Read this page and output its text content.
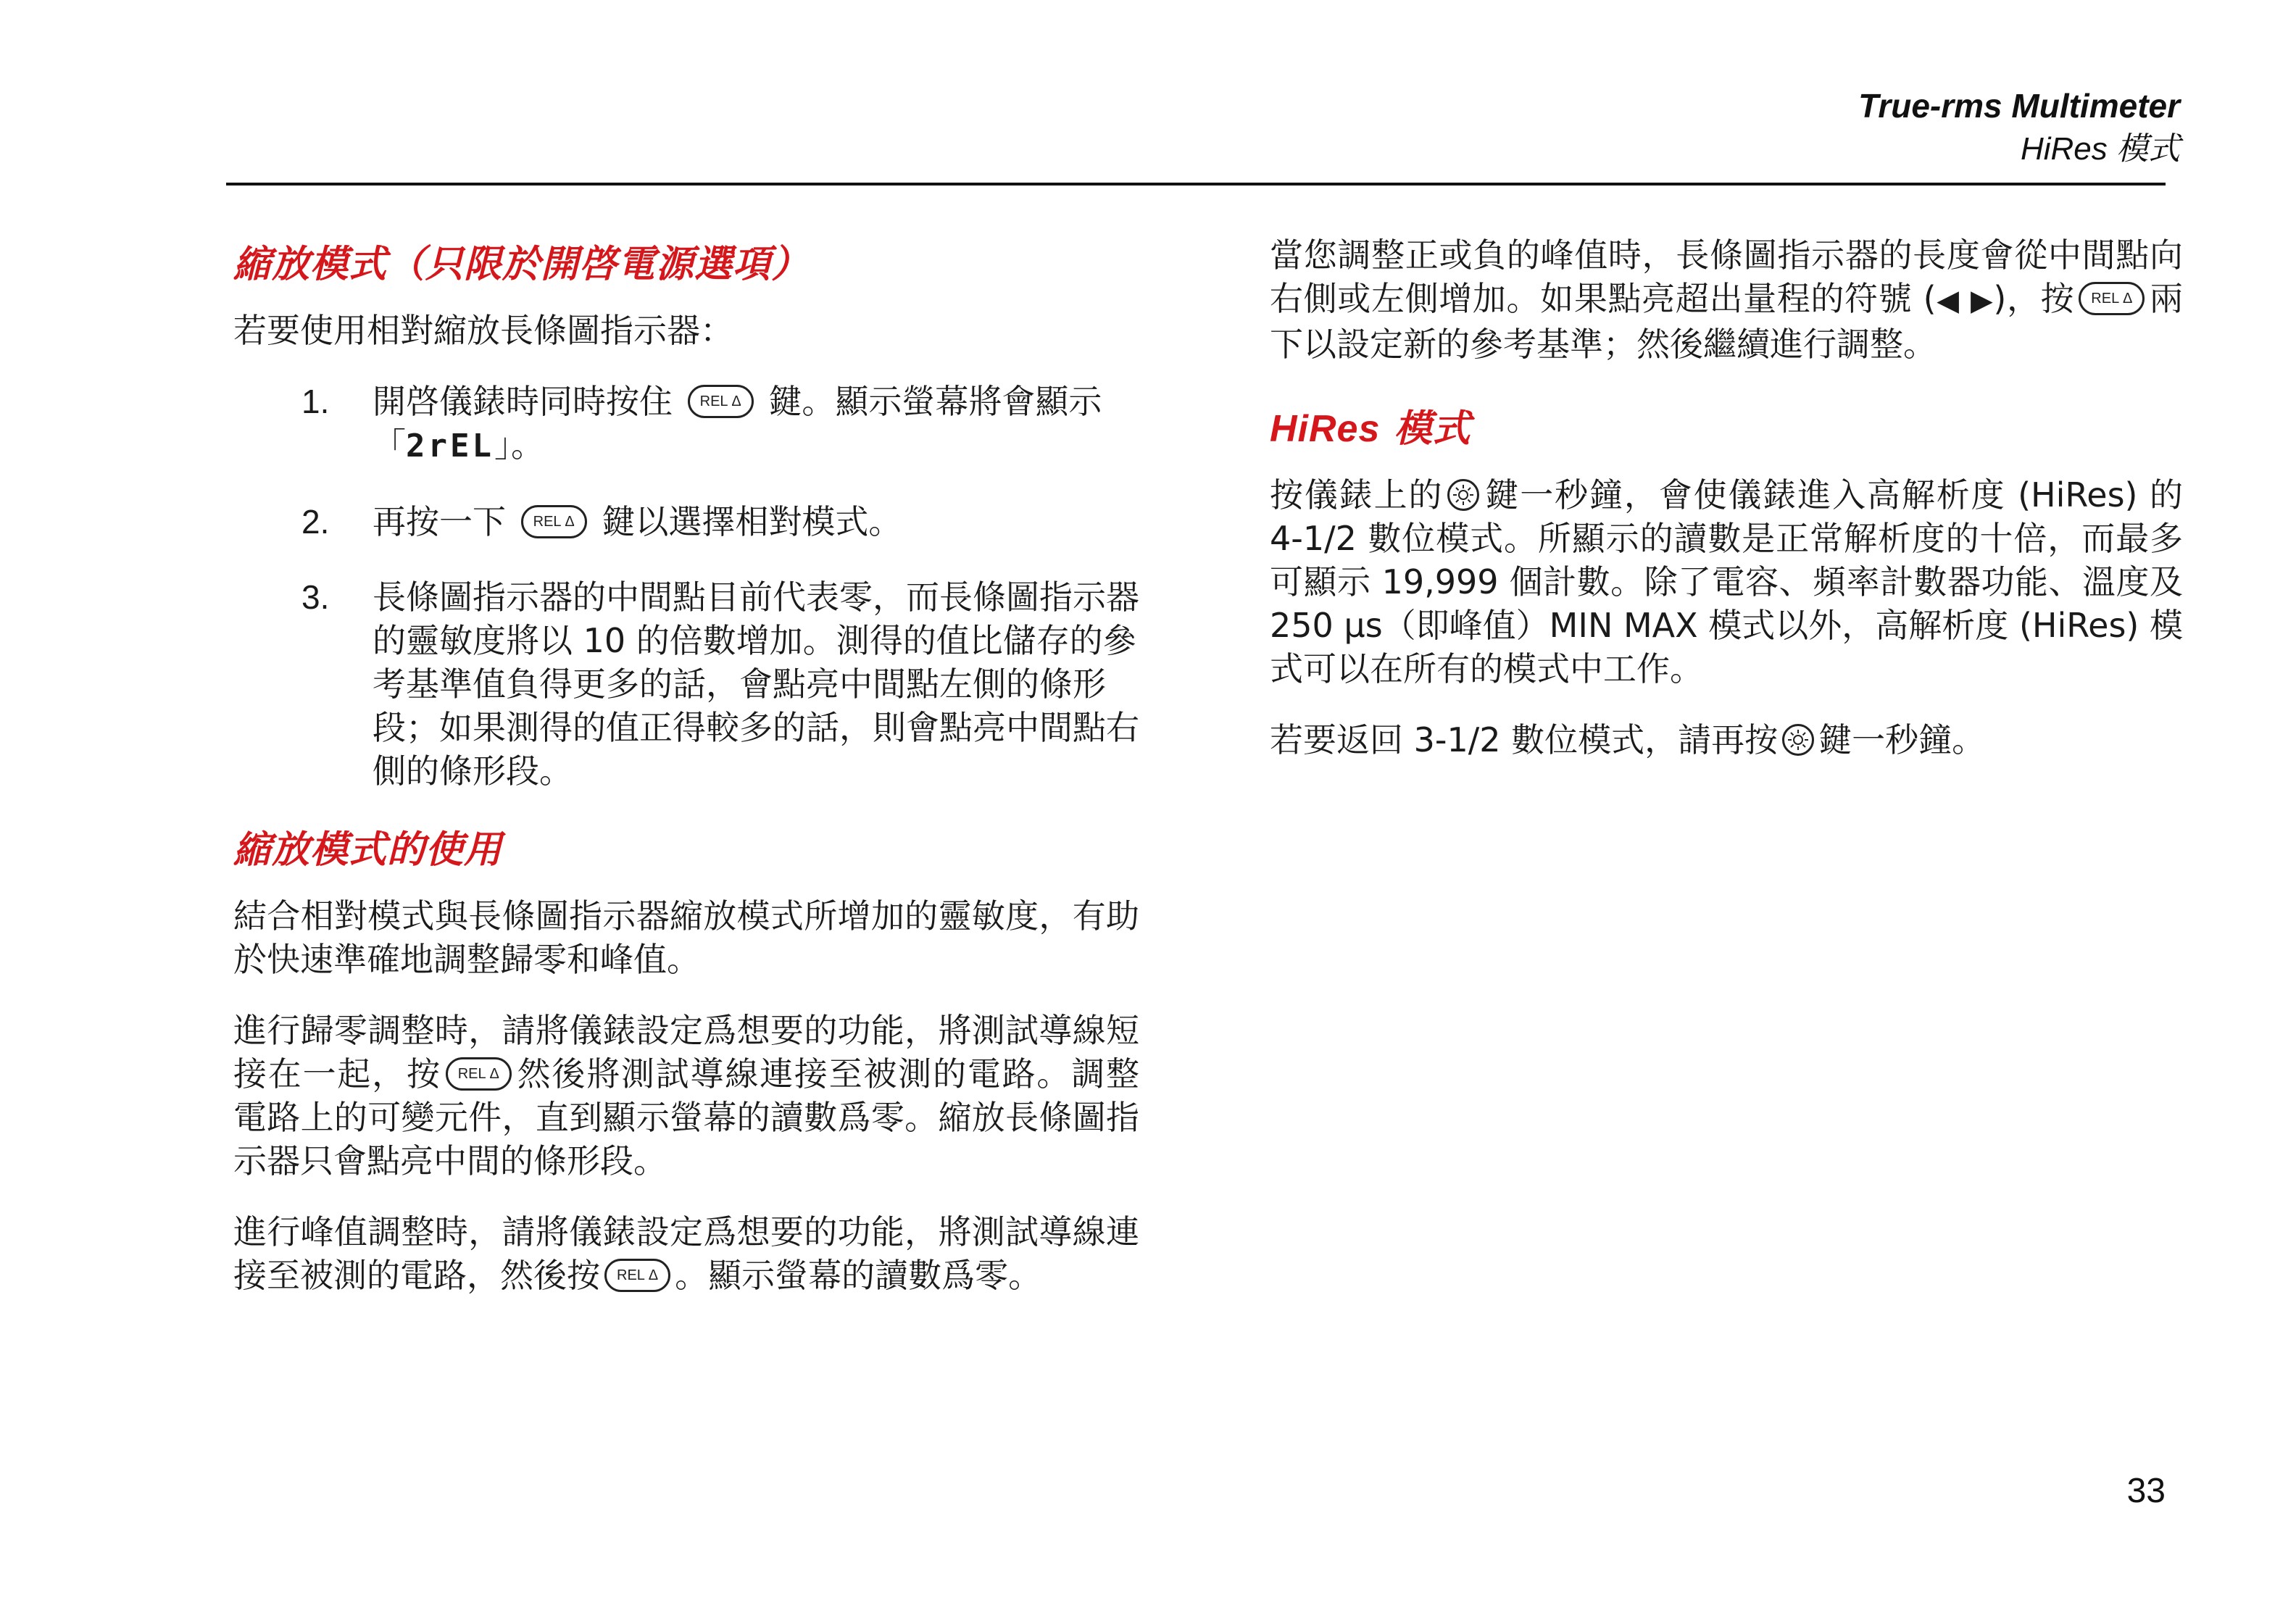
True-rms Multimeter
HiRes 模式
縮放模式（只限於開啓電源選項）

若要使用相對縮放長條圖指示器：

1. 開啓儀錶時同時按住 REL Δ 鍵。顯示螢幕將會顯示「2rEL」。
2. 再按一下 REL Δ 鍵以選擇相對模式。
3. 長條圖指示器的中間點目前代表零，而長條圖指示器的靈敏度將以 10 的倍數增加。測得的值比儲存的參考基準值負得更多的話，會點亮中間點左側的條形段；如果測得的值正得較多的話，則會點亮中間點右側的條形段。
縮放模式的使用

結合相對模式與長條圖指示器縮放模式所增加的靈敏度，有助於快速準確地調整歸零和峰值。

進行歸零調整時，請將儀錶設定爲想要的功能，將測試導線短接在一起，按 REL Δ 然後將測試導線連接至被測的電路。調整電路上的可變元件，直到顯示螢幕的讀數爲零。縮放長條圖指示器只會點亮中間的條形段。

進行峰值調整時，請將儀錶設定爲想要的功能，將測試導線連接至被測的電路，然後按 REL Δ 。顯示螢幕的讀數爲零。

當您調整正或負的峰值時，長條圖指示器的長度會從中間點向右側或左側增加。如果點亮超出量程的符號 (◀ ▶)，按 REL Δ 兩下以設定新的參考基準；然後繼續進行調整。

HiRes 模式

按儀錶上的 鍵一秒鐘，會使儀錶進入高解析度 (HiRes) 的 4-1/2 數位模式。所顯示的讀數是正常解析度的十倍，而最多可顯示 19,999 個計數。除了電容、頻率計數器功能、溫度及 250 µs（即峰值）MIN MAX 模式以外，高解析度 (HiRes) 模式可以在所有的模式中工作。

若要返回 3-1/2 數位模式，請再按 鍵一秒鐘。

33
